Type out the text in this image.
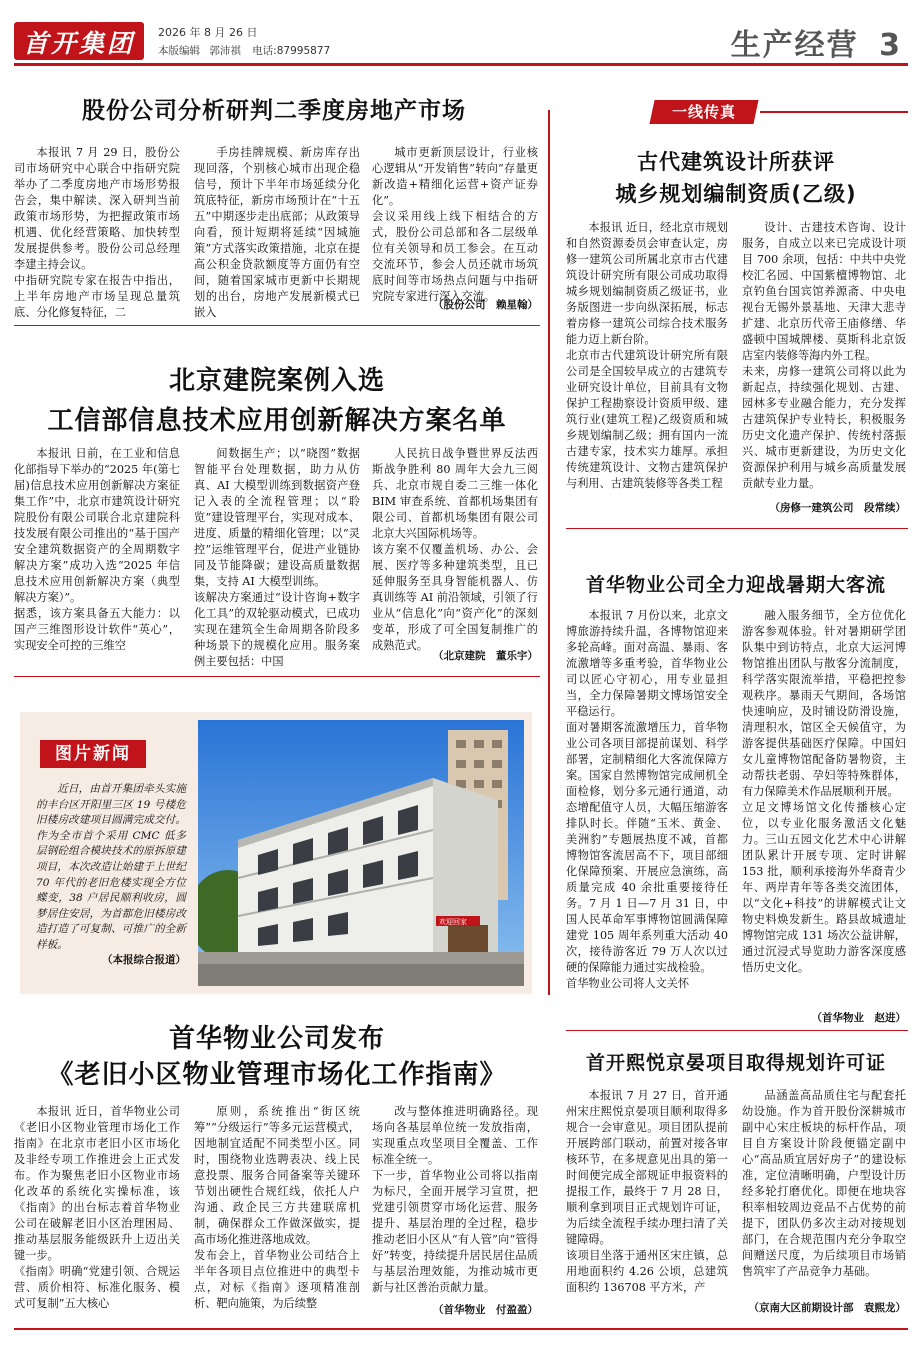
首开集团	2026 年 8 月 26 日
本版编辑 郭沛祺 电话:87995877	生产经营 3
股份公司分析研判二季度房地产市场
本报讯 7 月 29 日，股份公司市场研究中心联合中指研究院举办了二季度房地产市场形势报告会，集中解读、深入研判当前政策市场形势，为把握政策市场机遇、优化经营策略、加快转型发展提供参考。股份公司总经理李建主持会议。
中指研究院专家在报告中指出，上半年房地产市场呈现总量筑底、分化修复特征，二
手房挂牌规模、新房库存出现回落，个别核心城市出现企稳信号，预计下半年市场延续分化筑底特征，新房市场预计在“十五五”中期逐步走出底部；从政策导向看，预计短期将延续“因城施策”方式落实政策措施，北京在提高公积金贷款额度等方面仍有空间，随着国家城市更新中长期规划的出台，房地产发展新模式已嵌入
城市更新顶层设计，行业核心逻辑从“开发销售”转向“存量更新改造+精细化运营+资产证券化”。
会议采用线上线下相结合的方式，股份公司总部和各二层级单位有关领导和员工参会。在互动交流环节，参会人员还就市场筑底时间等市场热点问题与中指研究院专家进行深入交流。
（股份公司　赖星翰）
北京建院案例入选
工信部信息技术应用创新解决方案名单
本报讯 日前，在工业和信息化部指导下举办的“2025 年(第七届)信息技术应用创新解决方案征集工作”中，北京市建筑设计研究院股份有限公司联合北京建院科技发展有限公司推出的“基于国产安全建筑数据资产的全周期数字解决方案”成功入选“2025 年信息技术应用创新解决方案（典型解决方案）”。
据悉，该方案具备五大能力：以国产三维图形设计软件“英心”，实现安全可控的三维空
间数据生产；以“晓图”数据智能平台处理数据，助力从仿真、AI 大模型训练到数据资产登记入表的全流程管理；以“聆览”建设管理平台，实现对成本、进度、质量的精细化管理；以“灵控”运维管理平台，促进产业链协同及节能降碳；建设高质量数据集，支持 AI 大模型训练。
该解决方案通过“设计咨询+数字化工具”的双轮驱动模式，已成功实现在建筑全生命周期各阶段多种场景下的规模化应用。服务案例主要包括：中国
人民抗日战争暨世界反法西斯战争胜利 80 周年大会九三阅兵、北京市规自委二三维一体化 BIM 审查系统、首都机场集团有限公司、首都机场集团有限公司北京大兴国际机场等。
该方案不仅覆盖机场、办公、会展、医疗等多种建筑类型，且已延伸服务至具身智能机器人、仿真训练等 AI 前沿领域，引领了行业从“信息化”向“资产化”的深刻变革，形成了可全国复制推广的成熟范式。
（北京建院　董乐宇）
图片新闻
近日，由首开集团牵头实施的丰台区开阳里三区 19 号楼危旧楼房改建项目圆满完成交付。作为全市首个采用 CMC 低多层钢砼组合模块技术的原拆原建项目，本次改造让始建于上世纪 70 年代的老旧危楼实现全方位蝶变，38 户居民顺利收房，圆梦居住安居，为首都危旧楼房改造打造了可复制、可推广的全新样板。
（本报综合报道）
欢迎回家
首华物业公司发布
《老旧小区物业管理市场化工作指南》
本报讯 近日，首华物业公司《老旧小区物业管理市场化工作指南》在北京市老旧小区市场化及非经专项工作推进会上正式发布。作为聚焦老旧小区物业市场化改革的系统化实操标准，该《指南》的出台标志着首华物业公司在破解老旧小区治理困局、推动基层服务能级跃升上迈出关键一步。
《指南》明确“党建引领、合规运营、质价相符、标准化服务、模式可复制”五大核心
原则，系统推出“街区统筹”“分级运行”等多元运营模式，因地制宜适配不同类型小区。同时，围绕物业选聘表决、线上民意投票、服务合同备案等关键环节划出硬性合规红线，依托人户沟通、政企民三方共建联席机制，确保群众工作做深做实，提高市场化推进落地成效。
发布会上，首华物业公司结合上半年各项目点位推进中的典型卡点，对标《指南》逐项精准剖析、靶向施策，为后续整
改与整体推进明确路径。现场向各基层单位统一发放指南，实现重点攻坚项目全覆盖、工作标准全统一。
下一步，首华物业公司将以指南为标尺，全面开展学习宣贯，把党建引领贯穿市场化运营、服务提升、基层治理的全过程，稳步推动老旧小区从“有人管”向“管得好”转变，持续提升居民居住品质与基层治理效能，为推动城市更新与社区善治贡献力量。
（首华物业　付盈盈）
一线传真
古代建筑设计所获评
城乡规划编制资质(乙级)
本报讯 近日，经北京市规划和自然资源委员会审查认定，房修一建筑公司所属北京市古代建筑设计研究所有限公司成功取得城乡规划编制资质乙级证书，业务版图进一步向纵深拓展，标志着房修一建筑公司综合技术服务能力迈上新台阶。
北京市古代建筑设计研究所有限公司是全国较早成立的古建筑专业研究设计单位，目前具有文物保护工程勘察设计资质甲级、建筑行业(建筑工程)乙级资质和城乡规划编制乙级；拥有国内一流古建专家，技术实力雄厚。承担传统建筑设计、文物古建筑保护与利用、古建筑装修等各类工程
设计、古建技术咨询、设计服务，自成立以来已完成设计项目 700 余项，包括：中共中央党校汇名园、中国紫檀博物馆、北京钓鱼台国宾馆养源斋、中央电视台无锡外景基地、天津大悲寺扩建、北京历代帝王庙修缮、华盛顿中国城牌楼、莫斯科北京饭店室内装修等海内外工程。
未来，房修一建筑公司将以此为新起点，持续强化规划、古建、园林多专业融合能力，充分发挥古建筑保护专业特长，积极服务历史文化遗产保护、传统村落振兴、城市更新建设，为历史文化资源保护利用与城乡高质量发展贡献专业力量。
（房修一建筑公司　段常续）
首华物业公司全力迎战暑期大客流
本报讯 7 月份以来，北京文博旅游持续升温，各博物馆迎来多轮高峰。面对高温、暴雨、客流激增等多重考验，首华物业公司以匠心守初心，用专业显担当，全力保障暑期文博场馆安全平稳运行。
面对暑期客流激增压力，首华物业公司各项目部提前谋划、科学部署，定制精细化大客流保障方案。国家自然博物馆完成闸机全面检修，划分多元通行通道，动态增配值守人员，大幅压缩游客排队时长。伴随“玉米、黄金、美洲豹”专题展热度不减，首都博物馆客流居高不下，项目部细化保障预案、开展应急演练，高质量完成 40 余批重要接待任务。7 月 1 日—7 月 31 日，中国人民革命军事博物馆圆满保障建党 105 周年系列重大活动 40 次，接待游客近 79 万人次以过硬的保障能力通过实战检验。
首华物业公司将人文关怀
融入服务细节，全方位优化游客参观体验。针对暑期研学团队集中到访特点，北京大运河博物馆推出团队与散客分流制度，科学落实限流举措，平稳把控参观秩序。暴雨天气期间，各场馆快速响应，及时铺设防滑设施，清理积水，馆区全天候值守，为游客提供基础医疗保障。中国妇女儿童博物馆配备防暑物资，主动帮扶老弱、孕妇等特殊群体，有力保障美术作品展顺利开展。
立足文博场馆文化传播核心定位，以专业化服务激活文化魅力。三山五园文化艺术中心讲解团队累计开展专项、定时讲解 153 批，顺利承接海外华裔青少年、两岸青年等各类交流团体，以“文化+科技”的讲解模式让文物史料焕发新生。路县故城遗址博物馆完成 131 场次公益讲解，通过沉浸式导览助力游客深度感悟历史文化。
（首华物业　赵进）
首开熙悦京晏项目取得规划许可证
本报讯 7 月 27 日，首开通州宋庄熙悦京晏项目顺利取得多规合一会审意见。项目团队提前开展跨部门联动，前置对接各审核环节，在多规意见出具的第一时间便完成全部规证申报资料的提报工作，最终于 7 月 28 日，顺利拿到项目正式规划许可证，为后续全流程手续办理扫清了关键障碍。
该项目坐落于通州区宋庄镇，总用地面积约 4.26 公顷，总建筑面积约 136708 平方米，产
品涵盖高品质住宅与配套托幼设施。作为首开股份深耕城市副中心宋庄板块的标杆作品，项目自方案设计阶段便锚定副中心“高品质宜居好房子”的建设标准，定位清晰明确，户型设计历经多轮打磨优化。即便在地块容积率相较周边竞品不占优势的前提下，团队仍多次主动对接规划部门，在合规范围内充分争取空间赠送尺度，为后续项目市场销售筑牢了产品竞争力基础。
（京南大区前期设计部　袁熙龙）
